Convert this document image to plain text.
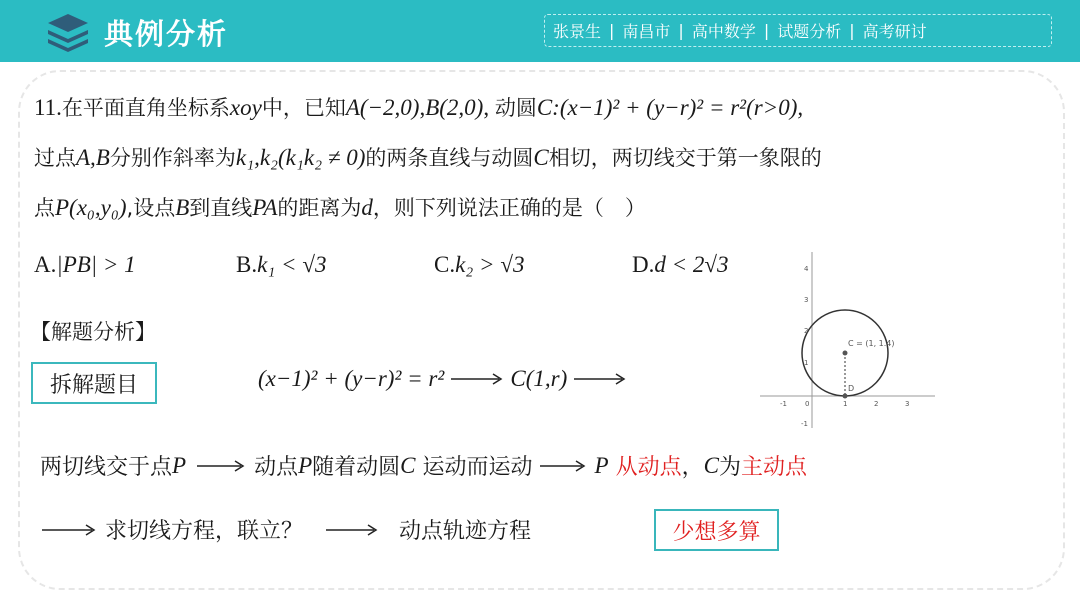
典例分析	张景生 | 南昌市 | 高中数学 | 试题分析 | 高考研讨
11.在平面直角坐标系xoy中，已知A(−2,0),B(2,0), 动圆C:(x−1)² + (y−r)² = r²(r>0),
过点A,B分别作斜率为k₁,k₂(k₁k₂ ≠ 0)的两条直线与动圆C相切，两切线交于第一象限的
点P(x₀,y₀),设点B到直线PA的距离为d，则下列说法正确的是（　）
A.|PB| > 1	B.k₁ < √3	C.k₂ > √3	D.d < 2√3
C = (1, 1.4)
D
-1	0	1	2	3
4
3
2
1
-1
【解题分析】
拆解题目	(x−1)² + (y−r)² = r²	C(1,r)
两切线交于点P	动点P随着动圆C 运动而运动	P 从动点，C为主动点
求切线方程，联立？	动点轨迹方程	少想多算
